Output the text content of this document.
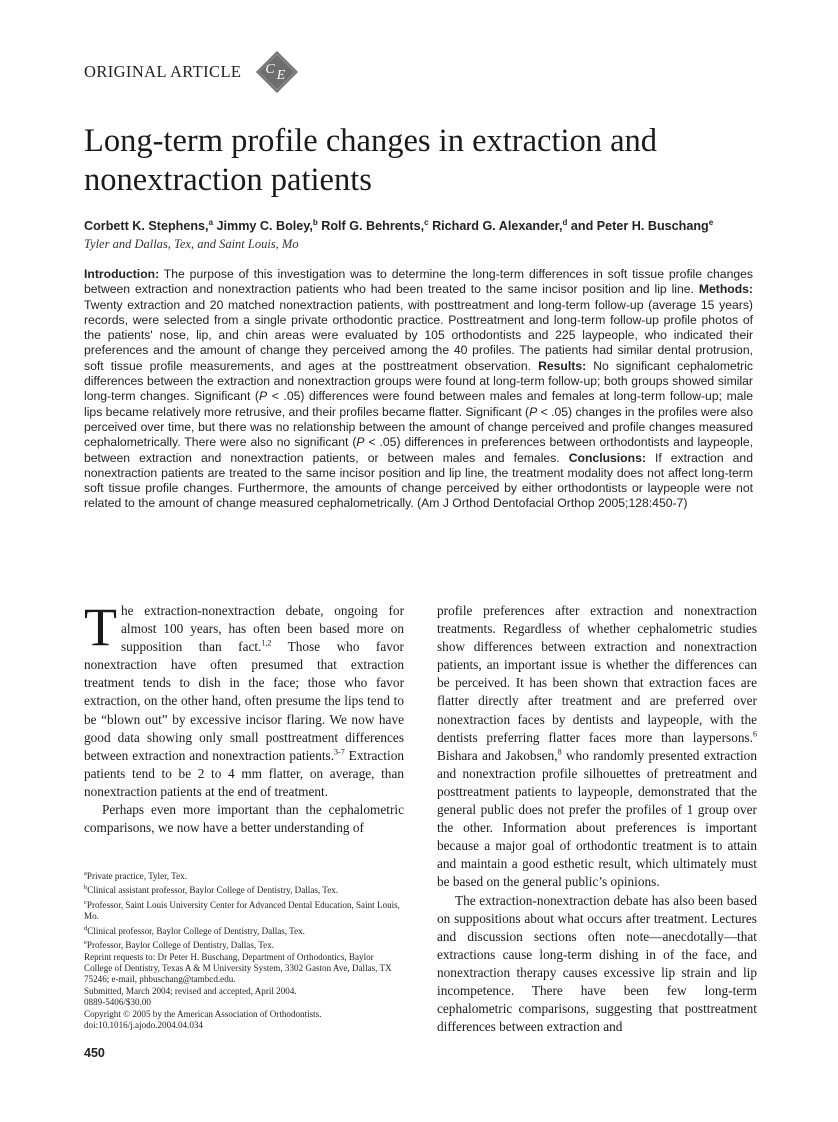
ORIGINAL ARTICLE C E
Long-term profile changes in extraction and nonextraction patients
Corbett K. Stephens,$^a$ Jimmy C. Boley,$^b$ Rolf G. Behrents,$^c$ Richard G. Alexander,$^d$ and Peter H. Buschang$^e$
Tyler and Dallas, Tex, and Saint Louis, Mo

Introduction: The purpose of this investigation was to determine the long-term differences in soft tissue profile changes between extraction and nonextraction patients who had been treated to the same incisor position and lip line. Methods: Twenty extraction and 20 matched nonextraction patients, with posttreatment and long-term follow-up (average 15 years) records, were selected from a single private orthodontic practice. Posttreatment and long-term follow-up profile photos of the patients' nose, lip, and chin areas were evaluated by 105 orthodontists and 225 laypeople, who indicated their preferences and the amount of change they perceived among the 40 profiles. The patients had similar dental protrusion, soft tissue profile measurements, and ages at the posttreatment observation. Results: No significant cephalometric differences between the extraction and nonextraction groups were found at long-term follow-up; both groups showed similar long-term changes. Significant (P < .05) differences were found between males and females at long-term follow-up; male lips became relatively more retrusive, and their profiles became flatter. Significant (P < .05) changes in the profiles were also perceived over time, but there was no relationship between the amount of change perceived and profile changes measured cephalometrically. There were also no significant (P < .05) differences in preferences between orthodontists and laypeople, between extraction and nonextraction patients, or between males and females. Conclusions: If extraction and nonextraction patients are treated to the same incisor position and lip line, the treatment modality does not affect long-term soft tissue profile changes. Furthermore, the amounts of change perceived by either orthodontists or laypeople were not related to the amount of change measured cephalometrically. (Am J Orthod Dentofacial Orthop 2005;128:450-7)

The extraction-nonextraction debate, ongoing for almost 100 years, has often been based more on supposition than fact.$^{1,2}$ Those who favor nonextraction have often presumed that extraction treatment tends to dish in the face; those who favor extraction, on the other hand, often presume the lips tend to be “blown out” by excessive incisor flaring. We now have good data showing only small posttreatment differences between extraction and nonextraction patients.$^{3-7}$ Extraction patients tend to be 2 to 4 mm flatter, on average, than nonextraction patients at the end of treatment.

Perhaps even more important than the cephalometric comparisons, we now have a better understanding of

profile preferences after extraction and nonextraction treatments. Regardless of whether cephalometric studies show differences between extraction and nonextraction patients, an important issue is whether the differences can be perceived. It has been shown that extraction faces are flatter directly after treatment and are preferred over nonextraction faces by dentists and laypeople, with the dentists preferring flatter faces more than laypersons.$^6$ Bishara and Jakobsen,$^8$ who randomly presented extraction and nonextraction profile silhouettes of pretreatment and posttreatment patients to laypeople, demonstrated that the general public does not prefer the profiles of 1 group over the other. Information about preferences is important because a major goal of orthodontic treatment is to attain and maintain a good esthetic result, which ultimately must be based on the general public’s opinions.

The extraction-nonextraction debate has also been based on suppositions about what occurs after treatment. Lectures and discussion sections often note—anecdotally—that extractions cause long-term dishing in of the face, and nonextraction therapy causes excessive lip strain and lip incompetence. There have been few long-term cephalometric comparisons, suggesting that posttreatment differences between extraction and

$^a$Private practice, Tyler, Tex.
$^b$Clinical assistant professor, Baylor College of Dentistry, Dallas, Tex.
$^c$Professor, Saint Louis University Center for Advanced Dental Education, Saint Louis, Mo.
$^d$Clinical professor, Baylor College of Dentistry, Dallas, Tex.
$^e$Professor, Baylor College of Dentistry, Dallas, Tex.
Reprint requests to: Dr Peter H. Buschang, Department of Orthodontics, Baylor College of Dentistry, Texas A & M University System, 3302 Gaston Ave, Dallas, TX 75246; e-mail, phbuschang@tambcd.edu.
Submitted, March 2004; revised and accepted, April 2004.
0889-5406/$30.00
Copyright © 2005 by the American Association of Orthodontists.
doi:10.1016/j.ajodo.2004.04.034
450
